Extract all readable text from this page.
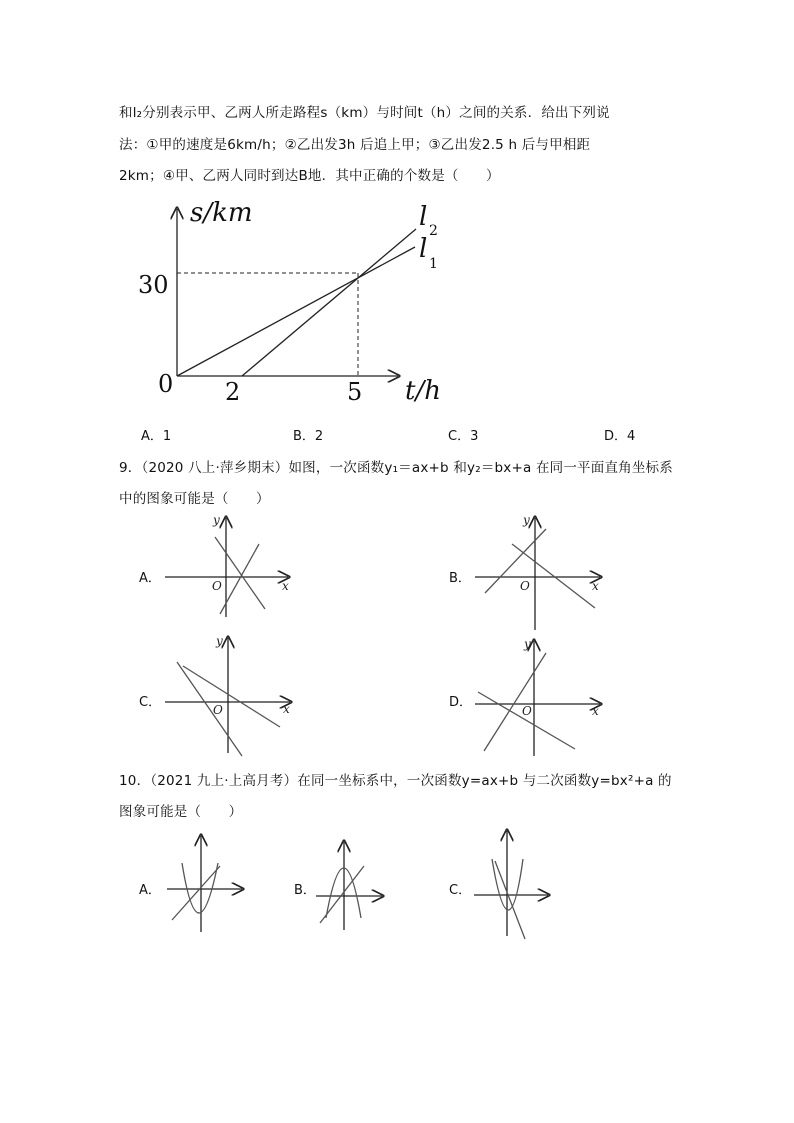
和l₂分别表示甲、乙两人所走路程s（km）与时间t（h）之间的关系．给出下列说
法：①甲的速度是6km/h；②乙出发3h 后追上甲；③乙出发2.5 h 后与甲相距
2km；④甲、乙两人同时到达B地．其中正确的个数是（　　）
s/km
t/h
0
30
2	5
l 2
l 1
A．1	B．2	C．3	D．4
9．（2020 八上·萍乡期末）如图，一次函数y₁＝ax+b 和y₂＝bx+a 在同一平面直角坐标系
中的图象可能是（　　）
A．
y
x
O	B．
y
x
O
C．
y
x
O	D．
y
x
O
10．（2021 九上·上高月考）在同一坐标系中，一次函数y=ax+b 与二次函数y=bx²+a 的
图象可能是（　　）
A．	B．	C．
